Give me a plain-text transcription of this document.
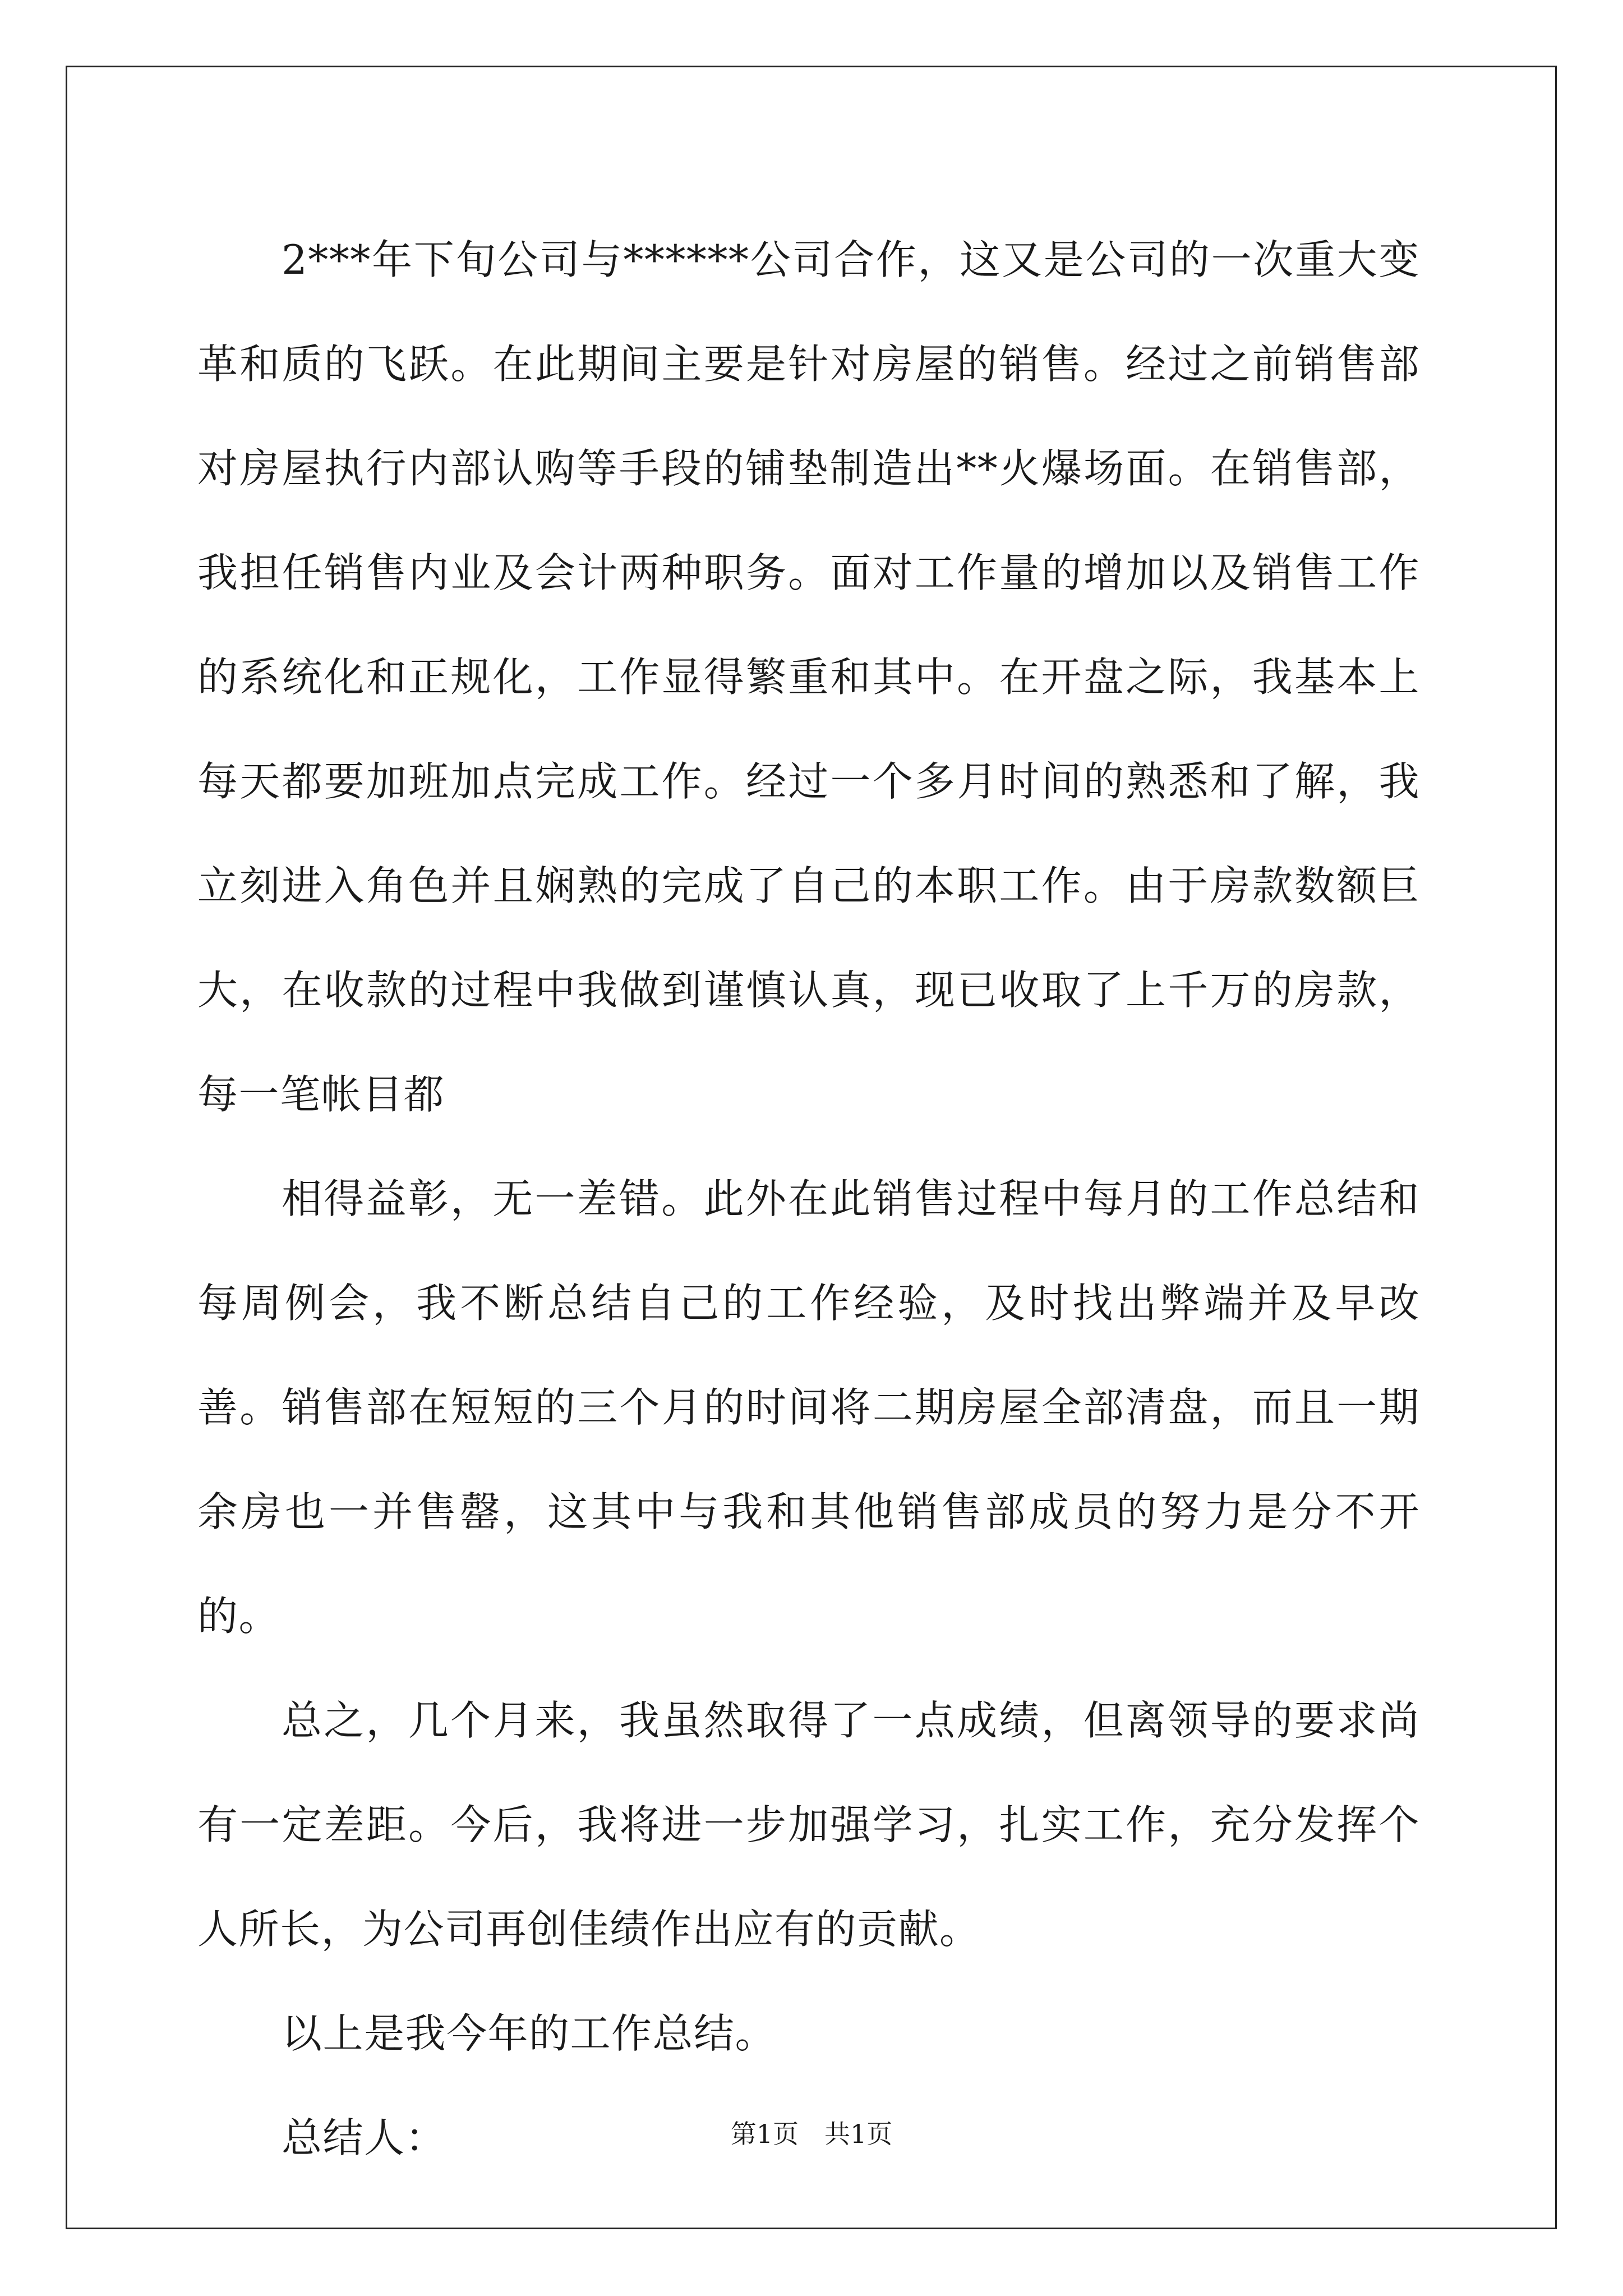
2***年下旬公司与******公司合作，这又是公司的一次重大变革和质的飞跃。在此期间主要是针对房屋的销售。经过之前销售部对房屋执行内部认购等手段的铺垫制造出**火爆场面。在销售部，我担任销售内业及会计两种职务。面对工作量的增加以及销售工作的系统化和正规化，工作显得繁重和其中。在开盘之际，我基本上每天都要加班加点完成工作。经过一个多月时间的熟悉和了解，我立刻进入角色并且娴熟的完成了自己的本职工作。由于房款数额巨大，在收款的过程中我做到谨慎认真，现已收取了上千万的房款，每一笔帐目都

相得益彰，无一差错。此外在此销售过程中每月的工作总结和每周例会，我不断总结自己的工作经验，及时找出弊端并及早改善。销售部在短短的三个月的时间将二期房屋全部清盘，而且一期余房也一并售罄，这其中与我和其他销售部成员的努力是分不开的。

总之，几个月来，我虽然取得了一点成绩，但离领导的要求尚有一定差距。今后，我将进一步加强学习，扎实工作，充分发挥个人所长，为公司再创佳绩作出应有的贡献。

以上是我今年的工作总结。

总结人：	第1页　共1页
